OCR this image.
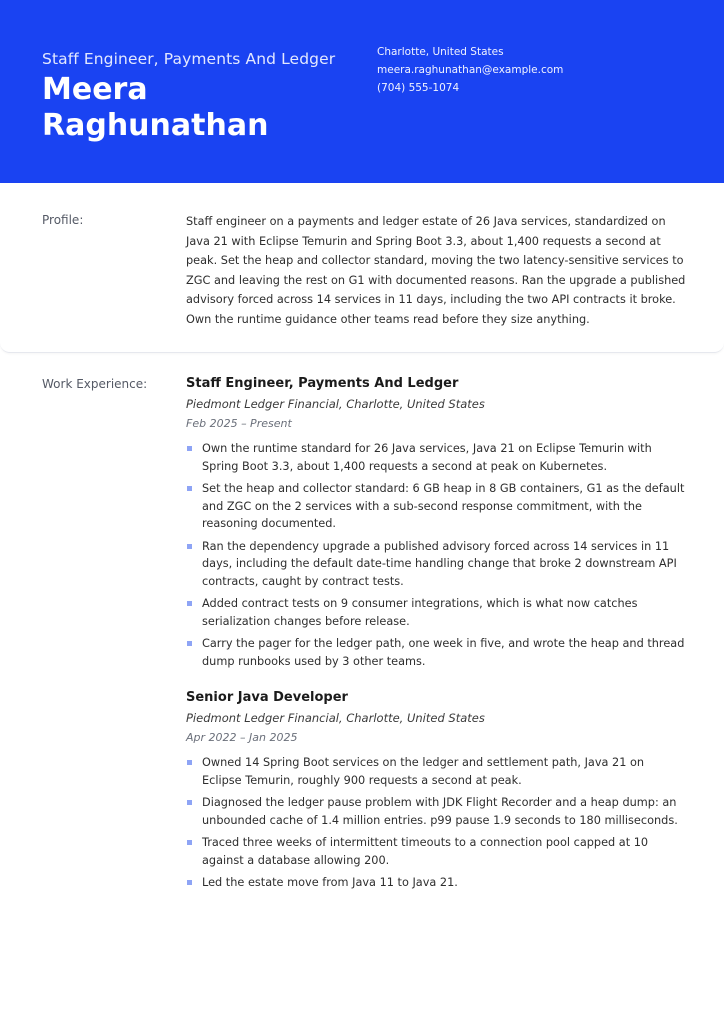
Staff Engineer, Payments And Ledger
Meera Raghunathan
Charlotte, United States
meera.raghunathan@example.com
(704) 555-1074
Profile:	Staff engineer on a payments and ledger estate of 26 Java services, standardized on Java 21 with Eclipse Temurin and Spring Boot 3.3, about 1,400 requests a second at peak. Set the heap and collector standard, moving the two latency-sensitive services to ZGC and leaving the rest on G1 with documented reasons. Ran the upgrade a published advisory forced across 14 services in 11 days, including the two API contracts it broke. Own the runtime guidance other teams read before they size anything.
Work Experience:	Staff Engineer, Payments And Ledger
Piedmont Ledger Financial, Charlotte, United States
Feb 2025 – Present
Own the runtime standard for 26 Java services, Java 21 on Eclipse Temurin with Spring Boot 3.3, about 1,400 requests a second at peak on Kubernetes.
Set the heap and collector standard: 6 GB heap in 8 GB containers, G1 as the default and ZGC on the 2 services with a sub-second response commitment, with the reasoning documented.
Ran the dependency upgrade a published advisory forced across 14 services in 11 days, including the default date-time handling change that broke 2 downstream API contracts, caught by contract tests.
Added contract tests on 9 consumer integrations, which is what now catches serialization changes before release.
Carry the pager for the ledger path, one week in five, and wrote the heap and thread dump runbooks used by 3 other teams.
Senior Java Developer
Piedmont Ledger Financial, Charlotte, United States
Apr 2022 – Jan 2025
Owned 14 Spring Boot services on the ledger and settlement path, Java 21 on Eclipse Temurin, roughly 900 requests a second at peak.
Diagnosed the ledger pause problem with JDK Flight Recorder and a heap dump: an unbounded cache of 1.4 million entries. p99 pause 1.9 seconds to 180 milliseconds.
Traced three weeks of intermittent timeouts to a connection pool capped at 10 against a database allowing 200.
Led the estate move from Java 11 to Java 21.
